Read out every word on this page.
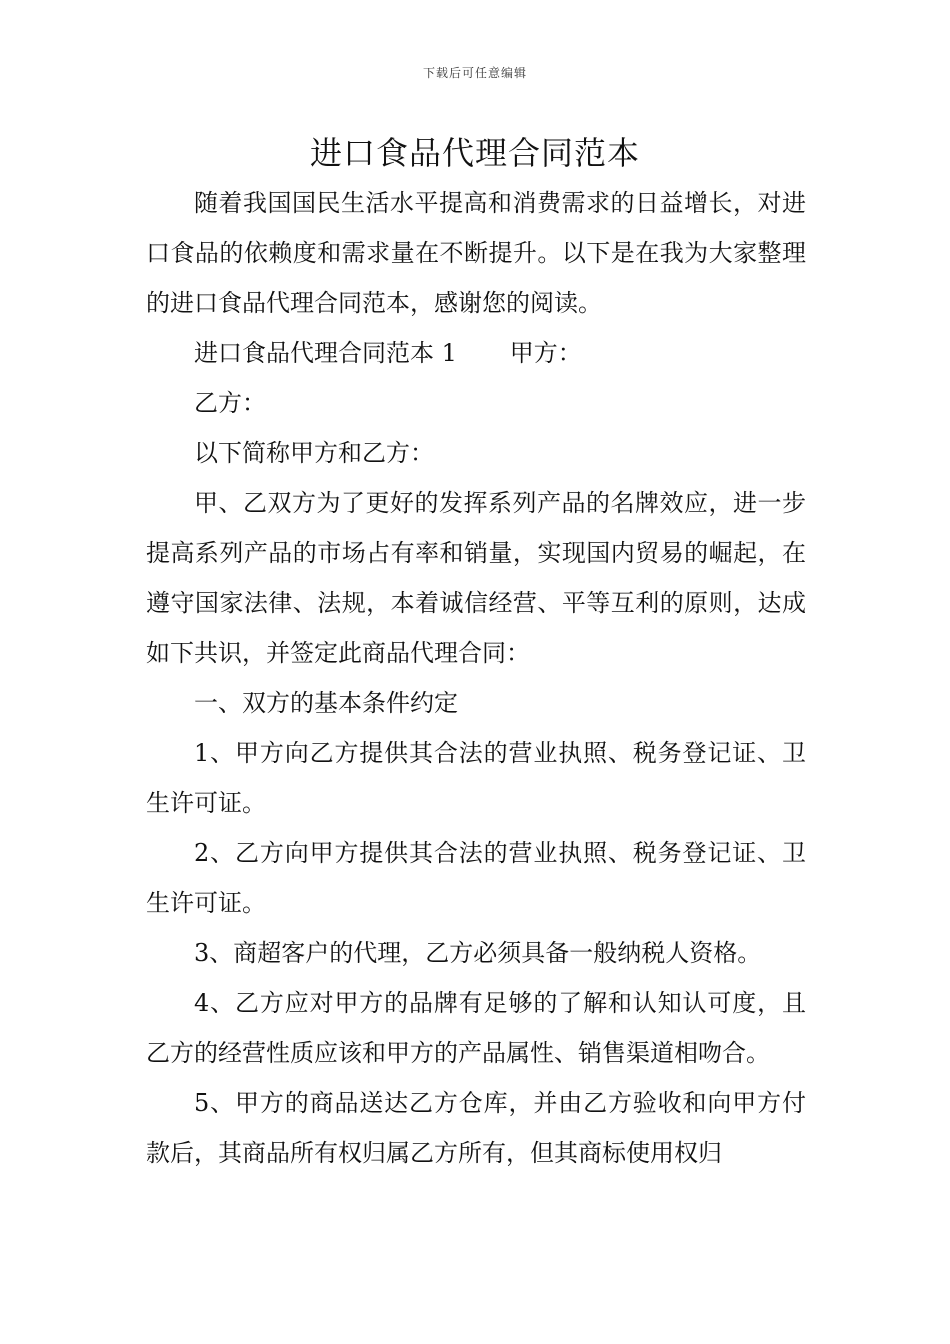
下载后可任意编辑
进口食品代理合同范本

随着我国国民生活水平提高和消费需求的日益增长，对进口食品的依赖度和需求量在不断提升。以下是在我为大家整理的进口食品代理合同范本，感谢您的阅读。

进口食品代理合同范本 1 甲方：

乙方：

以下简称甲方和乙方：

甲、乙双方为了更好的发挥系列产品的名牌效应，进一步提高系列产品的市场占有率和销量，实现国内贸易的崛起，在遵守国家法律、法规，本着诚信经营、平等互利的原则，达成如下共识，并签定此商品代理合同：

一、双方的基本条件约定

1、甲方向乙方提供其合法的营业执照、税务登记证、卫生许可证。

2、乙方向甲方提供其合法的营业执照、税务登记证、卫生许可证。

3、商超客户的代理，乙方必须具备一般纳税人资格。

4、乙方应对甲方的品牌有足够的了解和认知认可度，且乙方的经营性质应该和甲方的产品属性、销售渠道相吻合。

5、甲方的商品送达乙方仓库，并由乙方验收和向甲方付款后，其商品所有权归属乙方所有，但其商标使用权归
